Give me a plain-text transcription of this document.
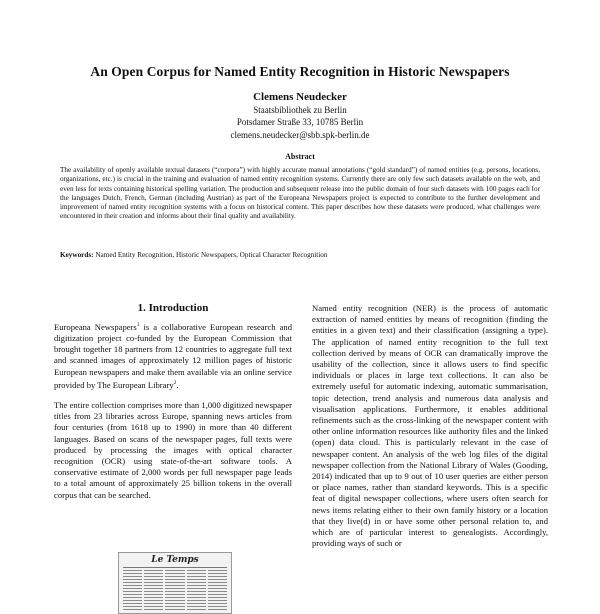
An Open Corpus for Named Entity Recognition in Historic Newspapers
Clemens Neudecker
Staatsbibliothek zu Berlin
Potsdamer Straße 33, 10785 Berlin
clemens.neudecker@sbb.spk-berlin.de
Abstract
The availability of openly available textual datasets (“corpora”) with highly accurate manual annotations (“gold standard”) of named entities (e.g. persons, locations, organizations, etc.) is crucial in the training and evaluation of named entity recognition systems. Currently there are only few such datasets available on the web, and even less for texts containing historical spelling variation. The production and subsequent release into the public domain of four such datasets with 100 pages each for the languages Dutch, French, German (including Austrian) as part of the Europeana Newspapers project is expected to contribute to the further development and improvement of named entity recognition systems with a focus on historical content. This paper describes how these datasets were produced, what challenges were encountered in their creation and informs about their final quality and availability.
Keywords: Named Entity Recognition, Historic Newspapers, Optical Character Recognition
1. Introduction

Europeana Newspapers$^1$ is a collaborative European research and digitization project co-funded by the European Commission that brought together 18 partners from 12 countries to aggregate full text and scanned images of approximately 12 million pages of historic European newspapers and make them available via an online service provided by The European Library$^2$.

The entire collection comprises more than 1,000 digitized newspaper titles from 23 libraries across Europe, spanning news articles from four centuries (from 1618 up to 1990) in more than 40 different languages. Based on scans of the newspaper pages, full texts were produced by processing the images with optical character recognition (OCR) using state-of-the-art software tools. A conservative estimate of 2,000 words per full newspaper page leads to a total amount of approximately 25 billion tokens in the overall corpus that can be searched.

Le Temps

Named entity recognition (NER) is the process of automatic extraction of named entities by means of recognition (finding the entities in a given text) and their classification (assigning a type). The application of named entity recognition to the full text collection derived by means of OCR can dramatically improve the usability of the collection, since it allows users to find specific individuals or places in large text collections. It can also be extremely useful for automatic indexing, automatic summarisation, topic detection, trend analysis and numerous data analysis and visualisation applications. Furthermore, it enables additional refinements such as the cross-linking of the newspaper content with other online information resources like authority files and the linked (open) data cloud. This is particularly relevant in the case of newspaper content. An analysis of the web log files of the digital newspaper collection from the National Library of Wales (Gooding, 2014) indicated that up to 9 out of 10 user queries are either person or place names, rather than standard keywords. This is a specific feat of digital newspaper collections, where users often search for news items relating either to their own family history or a location that they live(d) in or have some other personal relation to, and which are of particular interest to genealogists. Accordingly, providing ways of such or
